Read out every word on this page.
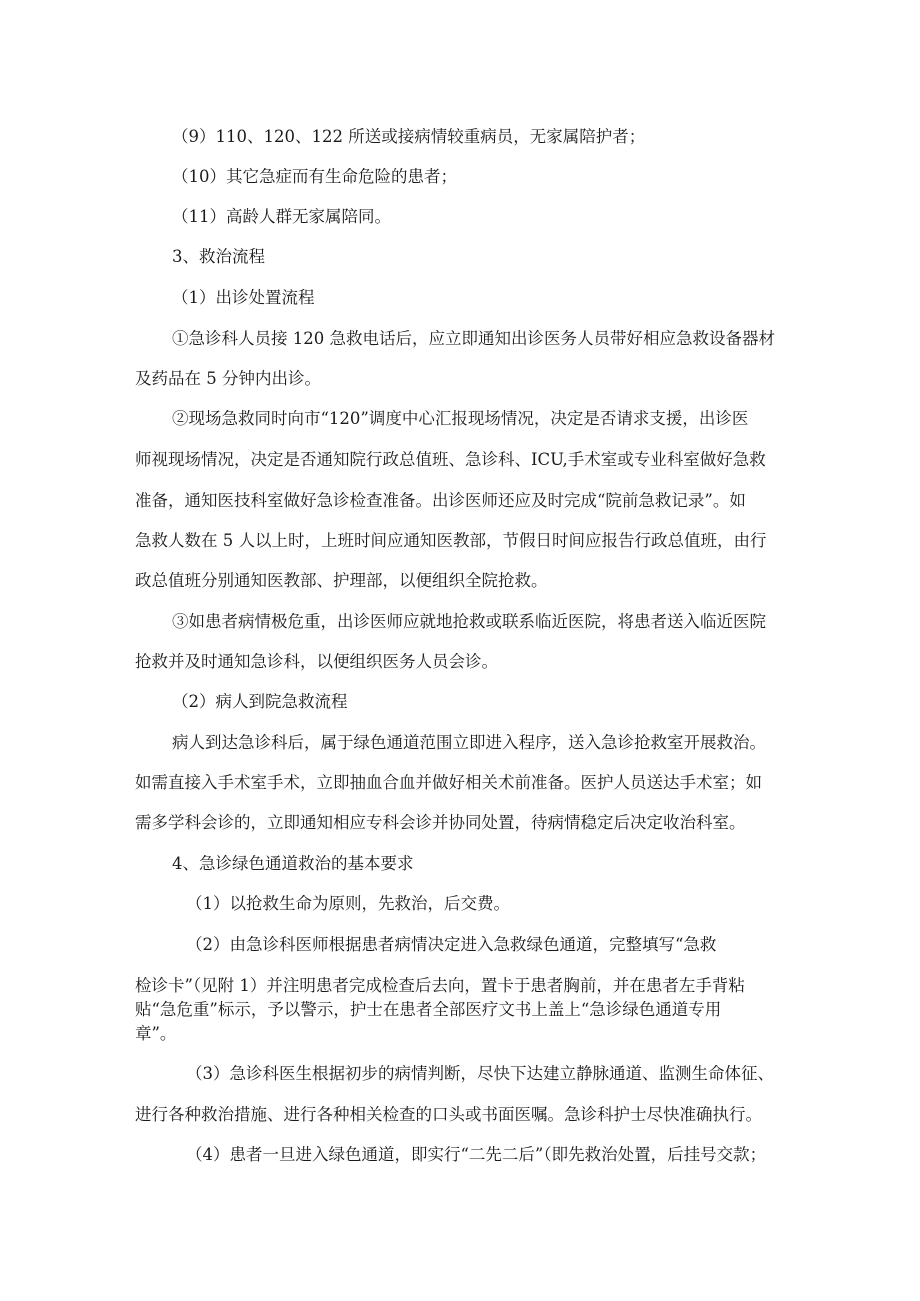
（9）110、120、122 所送或接病情较重病员，无家属陪护者；
（10）其它急症而有生命危险的患者；
（11）高龄人群无家属陪同。
3、救治流程
（1）出诊处置流程
①急诊科人员接 120 急救电话后，应立即通知出诊医务人员带好相应急救设备器材
及药品在 5 分钟内出诊。
②现场急救同时向市“120”调度中心汇报现场情况，决定是否请求支援，出诊医
师视现场情况，决定是否通知院行政总值班、急诊科、ICU,手术室或专业科室做好急救
准备，通知医技科室做好急诊检查准备。出诊医师还应及时完成“院前急救记录”。如
急救人数在 5 人以上时，上班时间应通知医教部，节假日时间应报告行政总值班，由行
政总值班分别通知医教部、护理部，以便组织全院抢救。
③如患者病情极危重，出诊医师应就地抢救或联系临近医院，将患者送入临近医院
抢救并及时通知急诊科，以便组织医务人员会诊。
（2）病人到院急救流程
病人到达急诊科后，属于绿色通道范围立即进入程序，送入急诊抢救室开展救治。
如需直接入手术室手术，立即抽血合血并做好相关术前准备。医护人员送达手术室；如
需多学科会诊的，立即通知相应专科会诊并协同处置，待病情稳定后决定收治科室。
4、急诊绿色通道救治的基本要求
（1）以抢救生命为原则，先救治，后交费。
（2）由急诊科医师根据患者病情决定进入急救绿色通道，完整填写“急救
检诊卡”（见附 1）并注明患者完成检查后去向，置卡于患者胸前，并在患者左手背粘
贴“急危重”标示，予以警示，护士在患者全部医疗文书上盖上“急诊绿色通道专用
章”。
（3）急诊科医生根据初步的病情判断，尽快下达建立静脉通道、监测生命体征、
进行各种救治措施、进行各种相关检查的口头或书面医嘱。急诊科护士尽快准确执行。
（4）患者一旦进入绿色通道，即实行“二先二后”（即先救治处置，后挂号交款；
